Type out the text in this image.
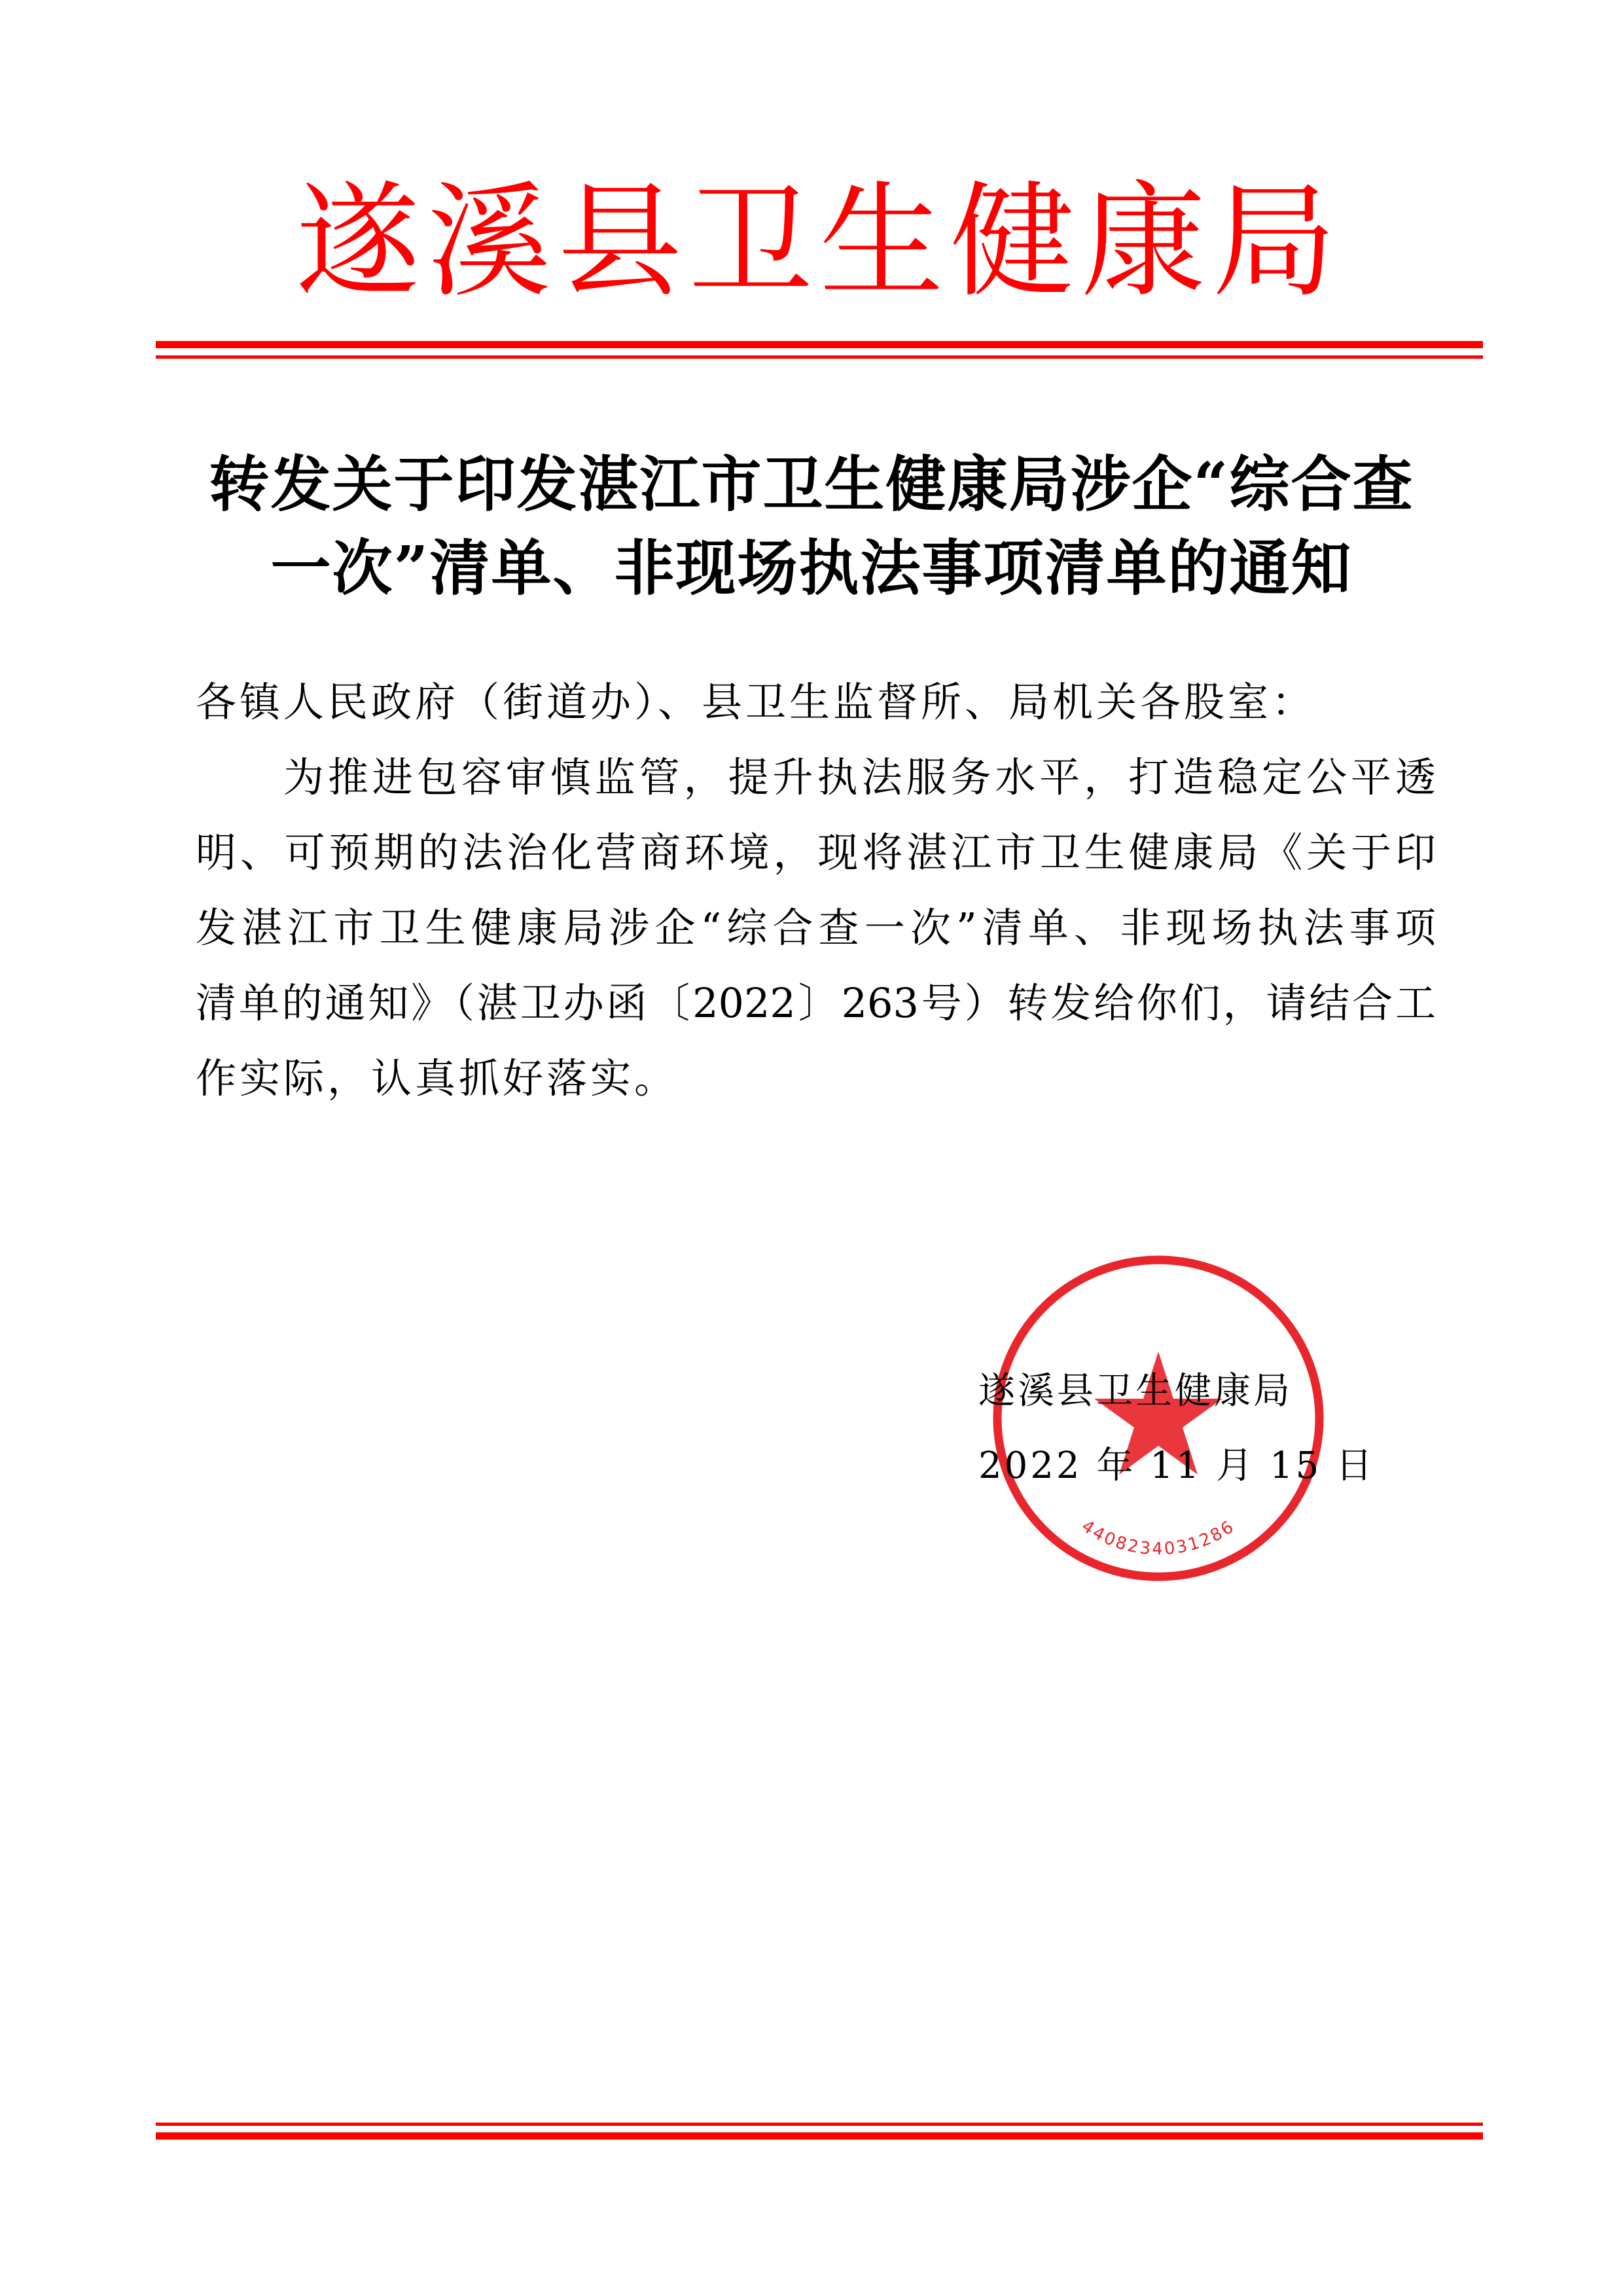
遂溪县卫生健康局
转发关于印发湛江市卫生健康局涉企“综合查
一次”清单、非现场执法事项清单的通知
各镇人民政府（街道办）、县卫生监督所、局机关各股室：
为推进包容审慎监管，提升执法服务水平，打造稳定公平透
明、可预期的法治化营商环境，现将湛江市卫生健康局《关于印
发湛江市卫生健康局涉企“综合查一次”清单、非现场执法事项
清单的通知》（湛卫办函〔2022〕263号）转发给你们，请结合工
作实际，认真抓好落实。
4408234031286
遂溪县卫生健康局
2022 年 11 月 15 日
